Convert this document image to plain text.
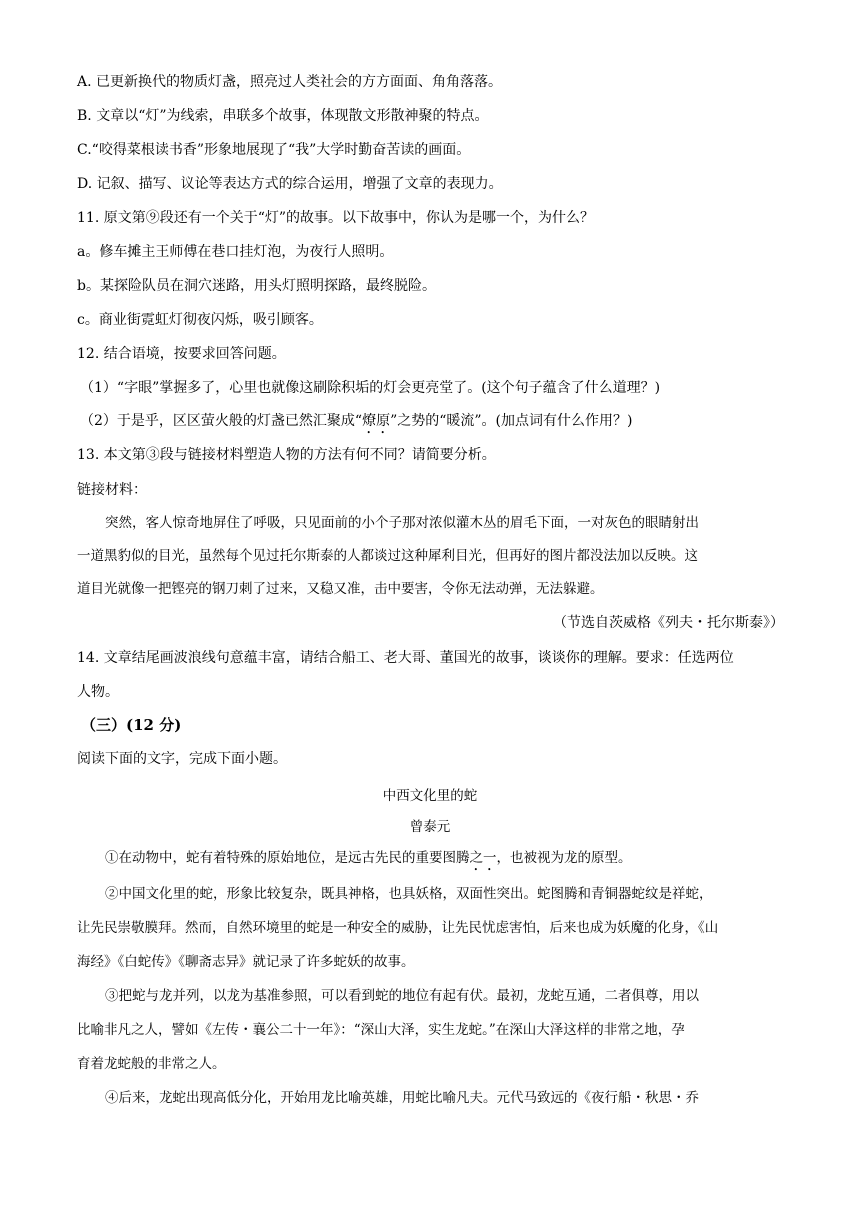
A. 已更新换代的物质灯盏，照亮过人类社会的方方面面、角角落落。
B. 文章以“灯”为线索，串联多个故事，体现散文形散神聚的特点。
C.“咬得菜根读书香”形象地展现了“我”大学时勤奋苦读的画面。
D. 记叙、描写、议论等表达方式的综合运用，增强了文章的表现力。
11. 原文第⑨段还有一个关于“灯”的故事。以下故事中，你认为是哪一个，为什么？
a。修车摊主王师傅在巷口挂灯泡，为夜行人照明。
b。某探险队员在洞穴迷路，用头灯照明探路，最终脱险。
c。商业街霓虹灯彻夜闪烁，吸引顾客。
12. 结合语境，按要求回答问题。
（1）“字眼”掌握多了，心里也就像这刷除积垢的灯会更亮堂了。(这个句子蕴含了什么道理？)
（2）于是乎，区区萤火般的灯盏已然汇聚成“燎原”之势的“暖流”。(加点词有什么作用？)
13. 本文第③段与链接材料塑造人物的方法有何不同？请简要分析。
链接材料：
突然，客人惊奇地屏住了呼吸，只见面前的小个子那对浓似灌木丛的眉毛下面，一对灰色的眼睛射出
一道黑豹似的目光，虽然每个见过托尔斯泰的人都谈过这种犀利目光，但再好的图片都没法加以反映。这
道目光就像一把铿亮的钢刀刺了过来，又稳又准，击中要害，令你无法动弹，无法躲避。
（节选自茨威格《列夫・托尔斯泰》）
14. 文章结尾画波浪线句意蕴丰富，请结合船工、老大哥、董国光的故事，谈谈你的理解。要求：任选两位
人物。
（三）(12 分)
阅读下面的文字，完成下面小题。
中西文化里的蛇
曾泰元
①在动物中，蛇有着特殊的原始地位，是远古先民的重要图腾之一，也被视为龙的原型。
②中国文化里的蛇，形象比较复杂，既具神格，也具妖格，双面性突出。蛇图腾和青铜器蛇纹是祥蛇，
让先民崇敬膜拜。然而，自然环境里的蛇是一种安全的威胁，让先民忧虑害怕，后来也成为妖魔的化身，《山
海经》《白蛇传》《聊斋志异》就记录了许多蛇妖的故事。
③把蛇与龙并列，以龙为基准参照，可以看到蛇的地位有起有伏。最初，龙蛇互通，二者俱尊，用以
比喻非凡之人，譬如《左传・襄公二十一年》：“深山大泽，实生龙蛇。”在深山大泽这样的非常之地，孕
育着龙蛇般的非常之人。
④后来，龙蛇出现高低分化，开始用龙比喻英雄，用蛇比喻凡夫。元代马致远的《夜行船・秋思・乔
